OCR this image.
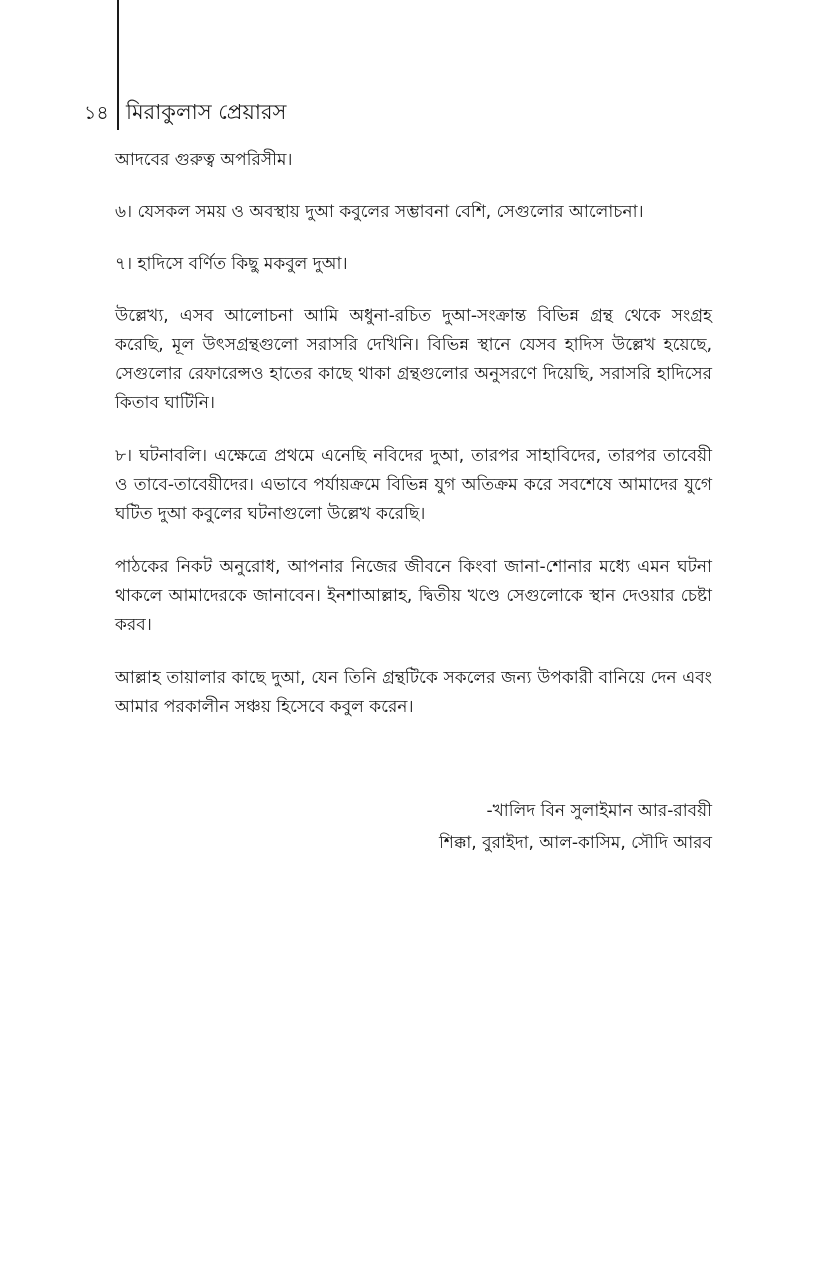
১৪ মিরাকুলাস প্রেয়ারস

আদবের গুরুত্ব অপরিসীম।

৬। যেসকল সময় ও অবস্থায় দুআ কবুলের সম্ভাবনা বেশি, সেগুলোর আলোচনা।

৭। হাদিসে বর্ণিত কিছু মকবুল দুআ।

উল্লেখ্য, এসব আলোচনা আমি অধুনা-রচিত দুআ-সংক্রান্ত বিভিন্ন গ্রন্থ থেকে সংগ্রহ করেছি, মূল উৎসগ্রন্থগুলো সরাসরি দেখিনি। বিভিন্ন স্থানে যেসব হাদিস উল্লেখ হয়েছে, সেগুলোর রেফারেন্সও হাতের কাছে থাকা গ্রন্থগুলোর অনুসরণে দিয়েছি, সরাসরি হাদিসের কিতাব ঘাটিনি।

৮। ঘটনাবলি। এক্ষেত্রে প্রথমে এনেছি নবিদের দুআ, তারপর সাহাবিদের, তারপর তাবেয়ী ও তাবে-তাবেয়ীদের। এভাবে পর্যায়ক্রমে বিভিন্ন যুগ অতিক্রম করে সবশেষে আমাদের যুগে ঘটিত দুআ কবুলের ঘটনাগুলো উল্লেখ করেছি।

পাঠকের নিকট অনুরোধ, আপনার নিজের জীবনে কিংবা জানা-শোনার মধ্যে এমন ঘটনা থাকলে আমাদেরকে জানাবেন। ইনশাআল্লাহ, দ্বিতীয় খণ্ডে সেগুলোকে স্থান দেওয়ার চেষ্টা করব।

আল্লাহ তায়ালার কাছে দুআ, যেন তিনি গ্রন্থটিকে সকলের জন্য উপকারী বানিয়ে দেন এবং আমার পরকালীন সঞ্চয় হিসেবে কবুল করেন।

-খালিদ বিন সুলাইমান আর-রাবয়ী
শিক্কা, বুরাইদা, আল-কাসিম, সৌদি আরব
